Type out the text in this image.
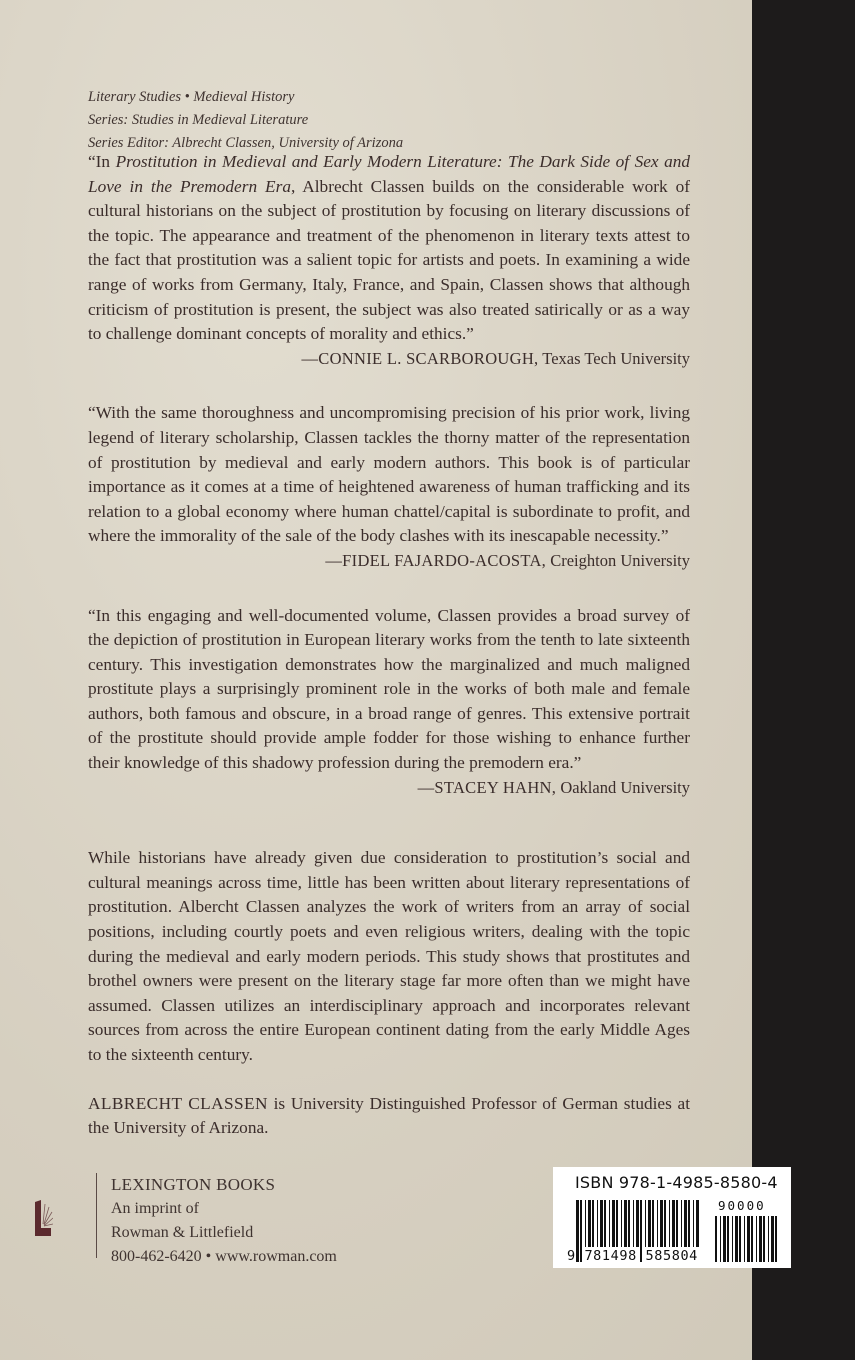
Literary Studies • Medieval History
Series: Studies in Medieval Literature
Series Editor: Albrecht Classen, University of Arizona

“In Prostitution in Medieval and Early Modern Literature: The Dark Side of Sex and Love in the Premodern Era, Albrecht Classen builds on the considerable work of cultural historians on the subject of prostitution by focusing on literary discussions of the topic. The appearance and treatment of the phenomenon in literary texts attest to the fact that prostitution was a salient topic for artists and poets. In examining a wide range of works from Germany, Italy, France, and Spain, Classen shows that although criticism of prostitution is present, the subject was also treated satirically or as a way to challenge dominant concepts of morality and ethics.”

—CONNIE L. SCARBOROUGH, Texas Tech University

“With the same thoroughness and uncompromising precision of his prior work, living legend of literary scholarship, Classen tackles the thorny matter of the representation of prostitution by medieval and early modern authors. This book is of particular importance as it comes at a time of heightened awareness of human trafficking and its relation to a global economy where human chattel/capital is subordinate to profit, and where the immorality of the sale of the body clashes with its inescapable necessity.”

—FIDEL FAJARDO-ACOSTA, Creighton University

“In this engaging and well-documented volume, Classen provides a broad survey of the depiction of prostitution in European literary works from the tenth to late sixteenth century. This investigation demonstrates how the marginalized and much maligned prostitute plays a surprisingly prominent role in the works of both male and female authors, both famous and obscure, in a broad range of genres. This extensive portrait of the prostitute should provide ample fodder for those wishing to enhance further their knowledge of this shadowy profession during the premodern era.”

—STACEY HAHN, Oakland University

While historians have already given due consideration to prostitution’s social and cultural meanings across time, little has been written about literary representations of prostitution. Albercht Classen analyzes the work of writers from an array of social positions, including courtly poets and even religious writers, dealing with the topic during the medieval and early modern periods. This study shows that prostitutes and brothel owners were present on the literary stage far more often than we might have assumed. Classen utilizes an interdisciplinary approach and incorporates relevant sources from across the entire European continent dating from the early Middle Ages to the sixteenth century.

ALBRECHT CLASSEN is University Distinguished Professor of German studies at the University of Arizona.

LEXINGTON BOOKS
An imprint of
Rowman & Littlefield
800-462-6420 • www.rowman.com
ISBN 978-1-4985-8580-4
90000
9 781498 585804
